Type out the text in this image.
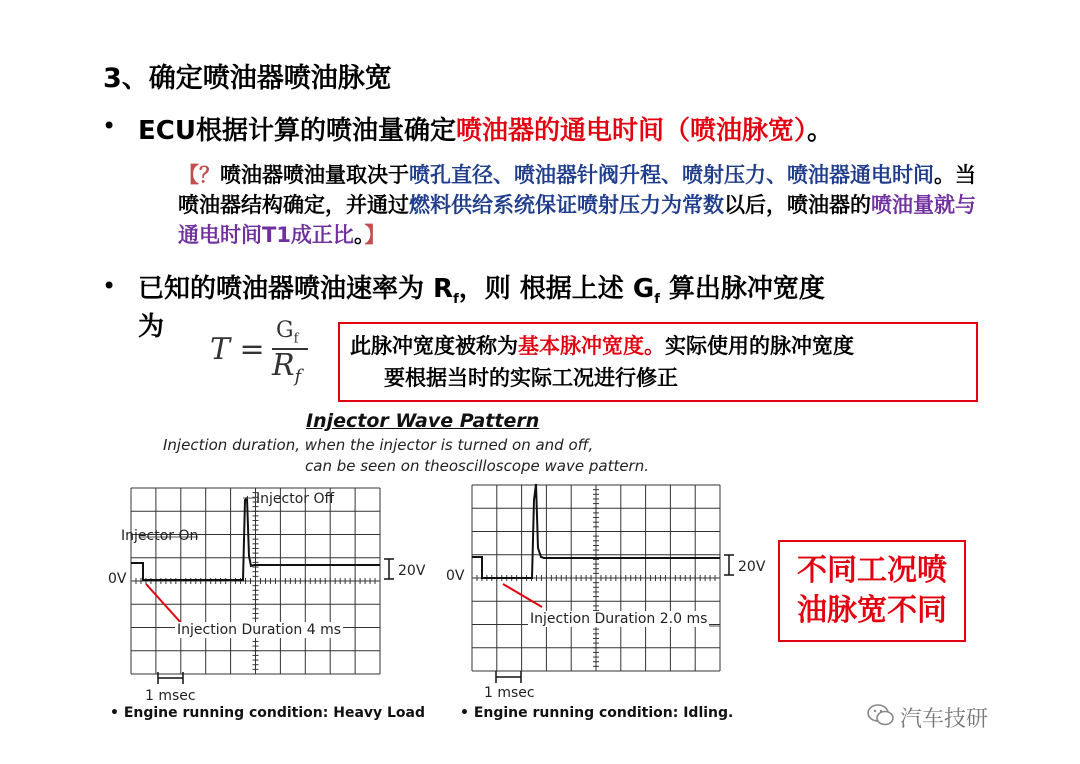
3、确定喷油器喷油脉宽
• ECU根据计算的喷油量确定喷油器的通电时间（喷油脉宽）。
【？喷油器喷油量取决于喷孔直径、喷油器针阀升程、喷射压力、喷油器通电时间。当喷油器结构确定，并通过燃料供给系统保证喷射压力为常数以后，喷油器的喷油量就与通电时间T1成正比。】
• 已知的喷油器喷油速率为 $R_f$，则 根据上述 $G_f$ 算出脉冲宽度
为
T =
$G_f$
$R_f$
此脉冲宽度被称为基本脉冲宽度。实际使用的脉冲宽度
要根据当时的实际工况进行修正
Injector Wave Pattern
Injection duration, when the injector is turned on and off,
can be seen on theoscilloscope wave pattern.
Injector Off
Injector On
0V	20V
Injection Duration 4 ms
1 msec
• Engine running condition: Heavy Load
0V
20V
Injection Duration 2.0 ms
1 msec
• Engine running condition: Idling.
不同工况喷
油脉宽不同
汽车技研
